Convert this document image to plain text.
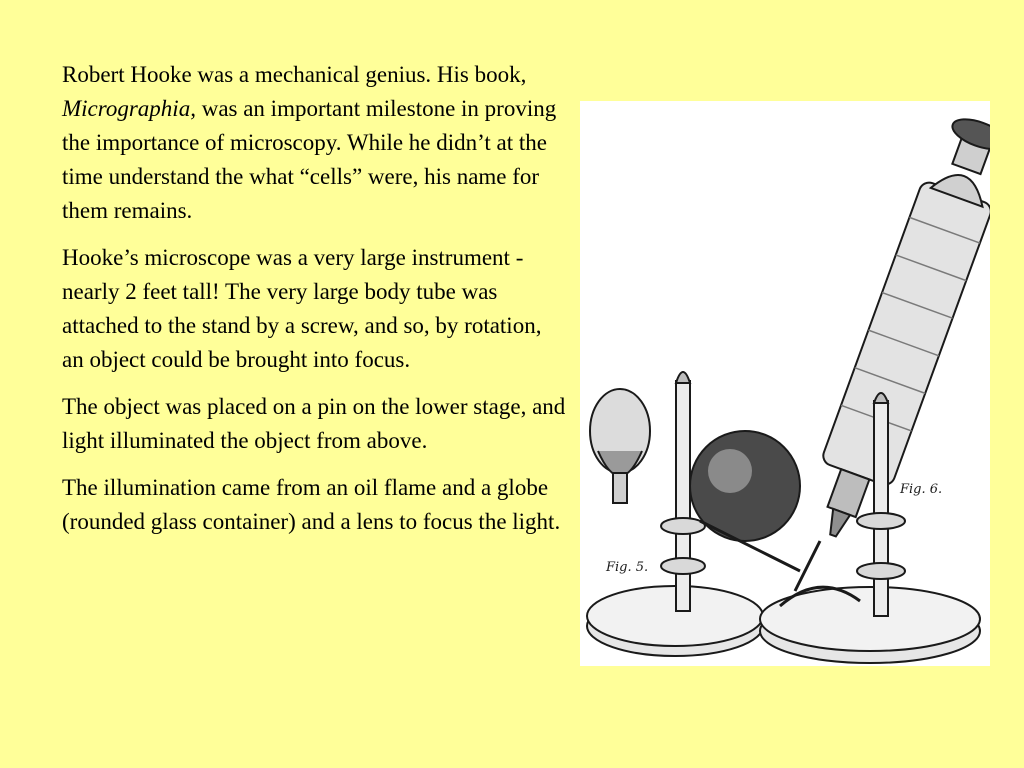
Robert Hooke was a mechanical genius. His book, Micrographia, was an important milestone in proving the importance of microscopy. While he didn’t at the time understand the what “cells” were, his name for them remains.

Hooke’s microscope was a very large instrument - nearly 2 feet tall! The very large body tube was attached to the stand by a screw, and so, by rotation, an object could be brought into focus.

The object was placed on a pin on the lower stage, and light illuminated the object from above.

The illumination came from an oil flame and a globe (rounded glass container) and a lens to focus the light.

Fig. 5.
Fig. 6.
